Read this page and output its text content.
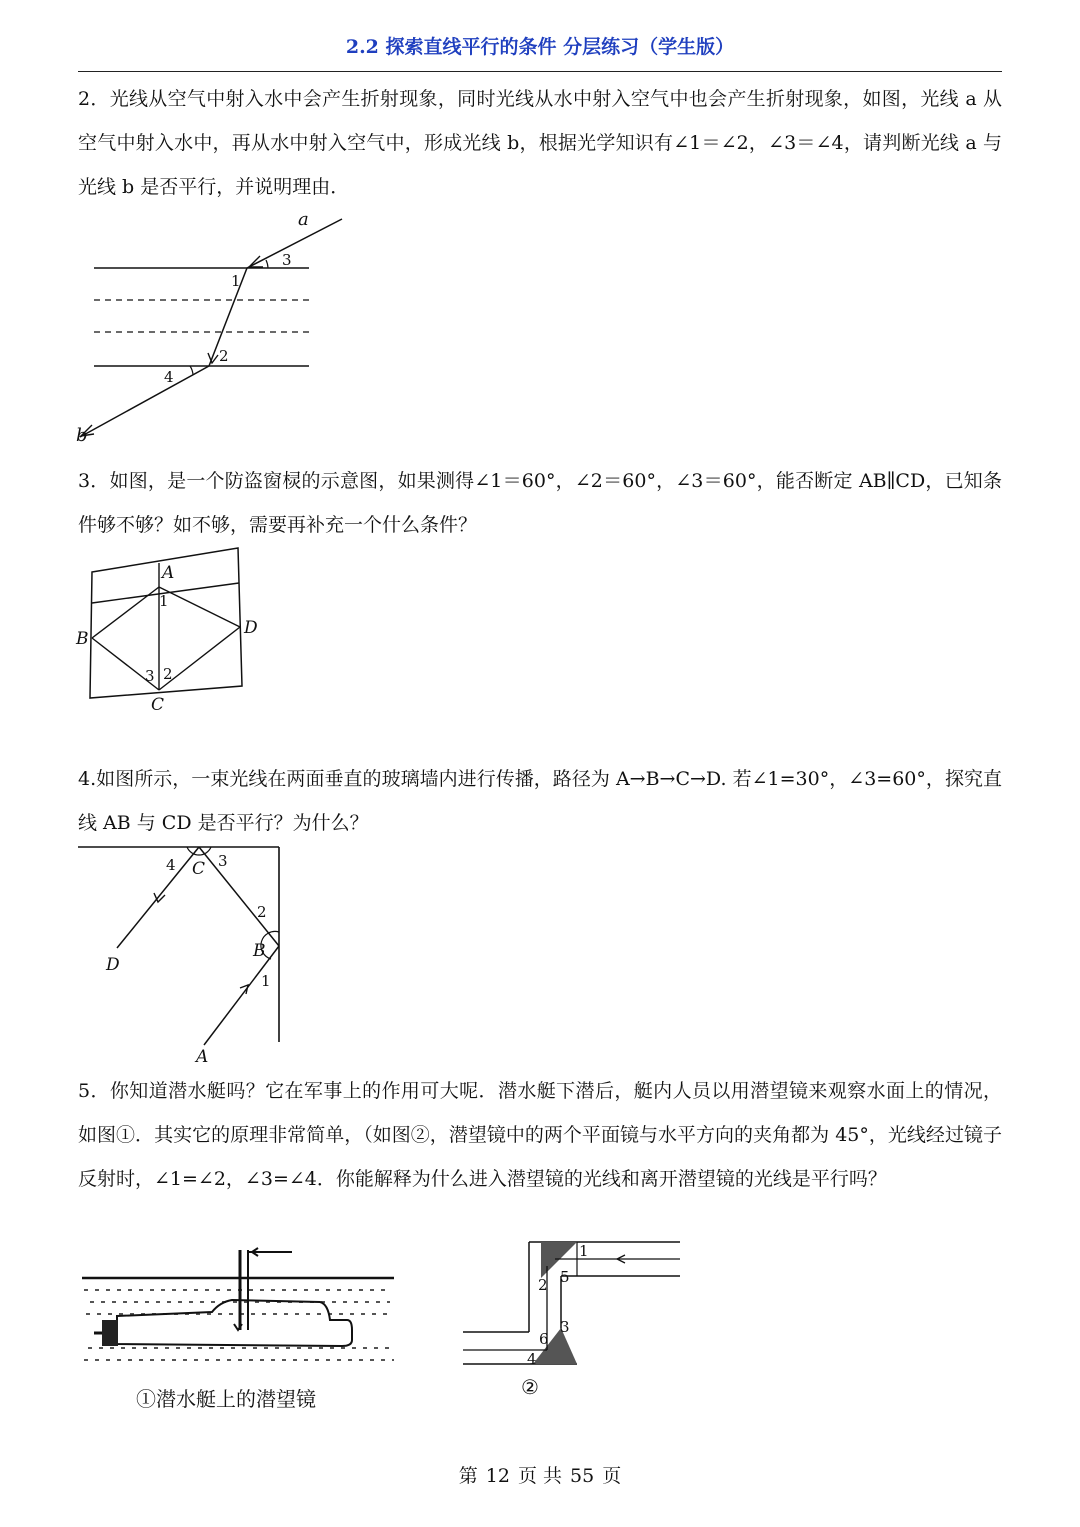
2.2 探索直线平行的条件 分层练习（学生版）
2．光线从空气中射入水中会产生折射现象，同时光线从水中射入空气中也会产生折射现象，如图，光线 a 从空气中射入水中，再从水中射入空气中，形成光线 b，根据光学知识有∠1＝∠2，∠3＝∠4，请判断光线 a 与光线 b 是否平行，并说明理由．
a
3
1
2
4
b
3．如图，是一个防盗窗棂的示意图，如果测得∠1＝60°，∠2＝60°，∠3＝60°，能否断定 AB∥CD，已知条件够不够？如不够，需要再补充一个什么条件？
A
1
B
D
3 2
C
4.如图所示，一束光线在两面垂直的玻璃墙内进行传播，路径为 A→B→C→D. 若∠1=30°，∠3=60°，探究直线 AB 与 CD 是否平行？为什么？
4 C 3
2
B
1
D
A
5．你知道潜水艇吗？它在军事上的作用可大呢．潜水艇下潜后，艇内人员以用潜望镜来观察水面上的情况，如图①．其实它的原理非常简单，（如图②，潜望镜中的两个平面镜与水平方向的夹角都为 45°，光线经过镜子反射时，∠1=∠2，∠3=∠4．你能解释为什么进入潜望镜的光线和离开潜望镜的光线是平行吗？
①潜水艇上的潜望镜
1
2 5
3
6
4
②
第 12 页 共 55 页
